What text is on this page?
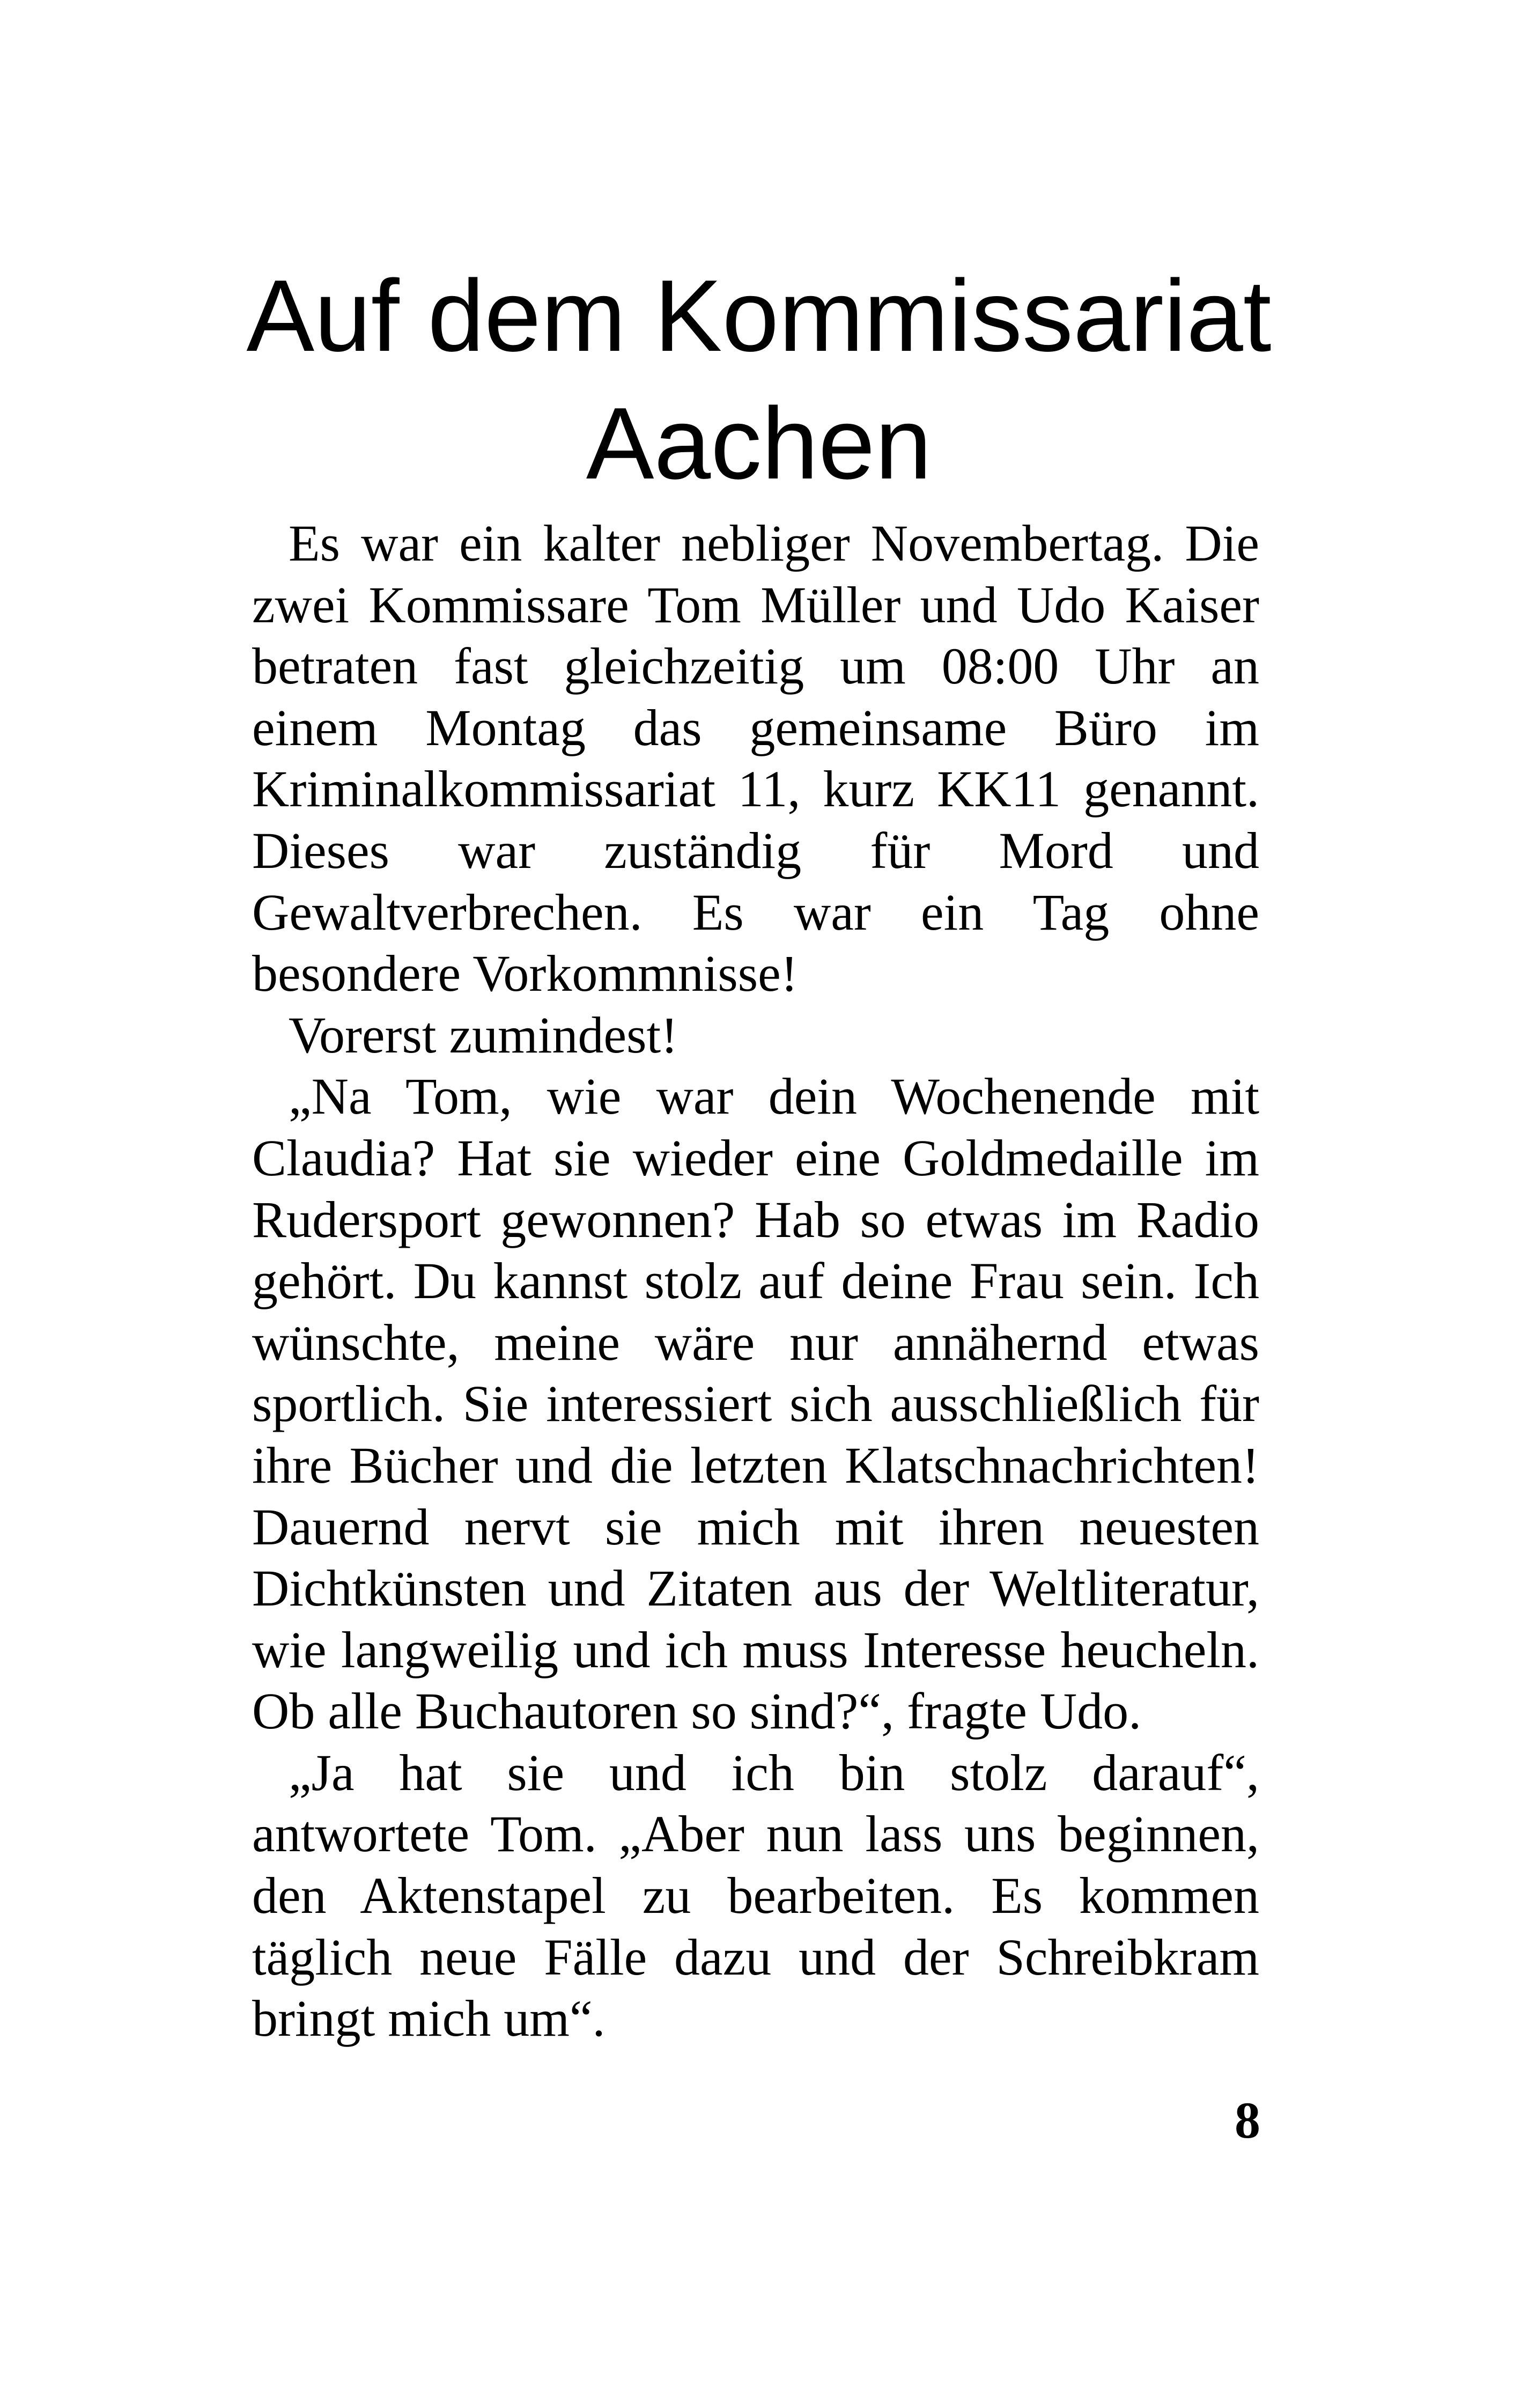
Auf dem Kommissariat
Aachen

Es war ein kalter nebliger Novembertag. Die zwei Kommissare Tom Müller und Udo Kaiser betraten fast gleichzeitig um 08:00 Uhr an einem Montag das gemeinsame Büro im Kriminalkommissariat 11, kurz KK11 genannt. Dieses war zuständig für Mord und Gewaltverbrechen. Es war ein Tag ohne besondere Vorkommnisse!

Vorerst zumindest!

„Na Tom, wie war dein Wochenende mit Claudia? Hat sie wieder eine Goldmedaille im Rudersport gewonnen? Hab so etwas im Radio gehört. Du kannst stolz auf deine Frau sein. Ich wünschte, meine wäre nur annähernd etwas sportlich. Sie interessiert sich ausschließlich für ihre Bücher und die letzten Klatschnachrichten! Dauernd nervt sie mich mit ihren neuesten Dichtkünsten und Zitaten aus der Weltliteratur, wie langweilig und ich muss Interesse heucheln. Ob alle Buchautoren so sind?“, fragte Udo.

„Ja hat sie und ich bin stolz darauf“, antwortete Tom. „Aber nun lass uns beginnen, den Aktenstapel zu bearbeiten. Es kommen täglich neue Fälle dazu und der Schreibkram bringt mich um“.

8
